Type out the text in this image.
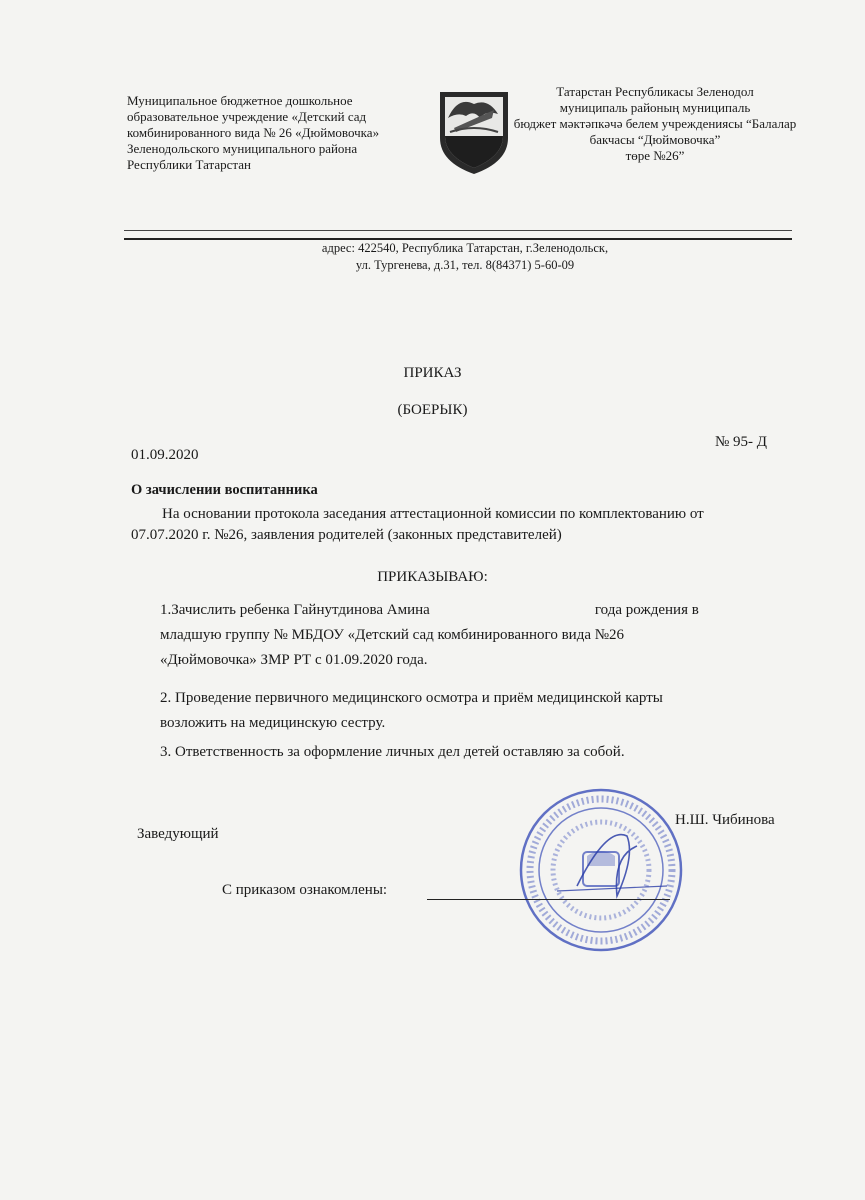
Муниципальное бюджетное дошкольное
образовательное учреждение «Детский сад
комбинированного вида № 26 «Дюймовочка»
Зеленодольского муниципального района
Республики Татарстан
Татарстан Республикасы Зеленодол
муниципаль районың муниципаль
бюджет мәктәпкәчә белем учреждениясы “Балалар
бакчасы “Дюймовочка”
төре №26”
адрес: 422540, Республика Татарстан, г.Зеленодольск,
ул. Тургенева, д.31, тел. 8(84371) 5-60-09
ПРИКАЗ
(БОЕРЫК)
01.09.2020
№ 95- Д
О зачислении воспитанника
На основании протокола заседания аттестационной комиссии по комплектованию от
07.07.2020 г. №26, заявления родителей (законных представителей)
ПРИКАЗЫВАЮ:
1.Зачислить ребенка Гайнутдинова Амина	года рождения в
младшую группу № МБДОУ «Детский сад комбинированного вида №26
«Дюймовочка» ЗМР РТ с 01.09.2020 года.
2. Проведение первичного медицинского осмотра и приём медицинской карты
возложить на медицинскую сестру.
3. Ответственность за оформление личных дел детей оставляю за собой.
Заведующий
Н.Ш. Чибинова
С приказом ознакомлены:
